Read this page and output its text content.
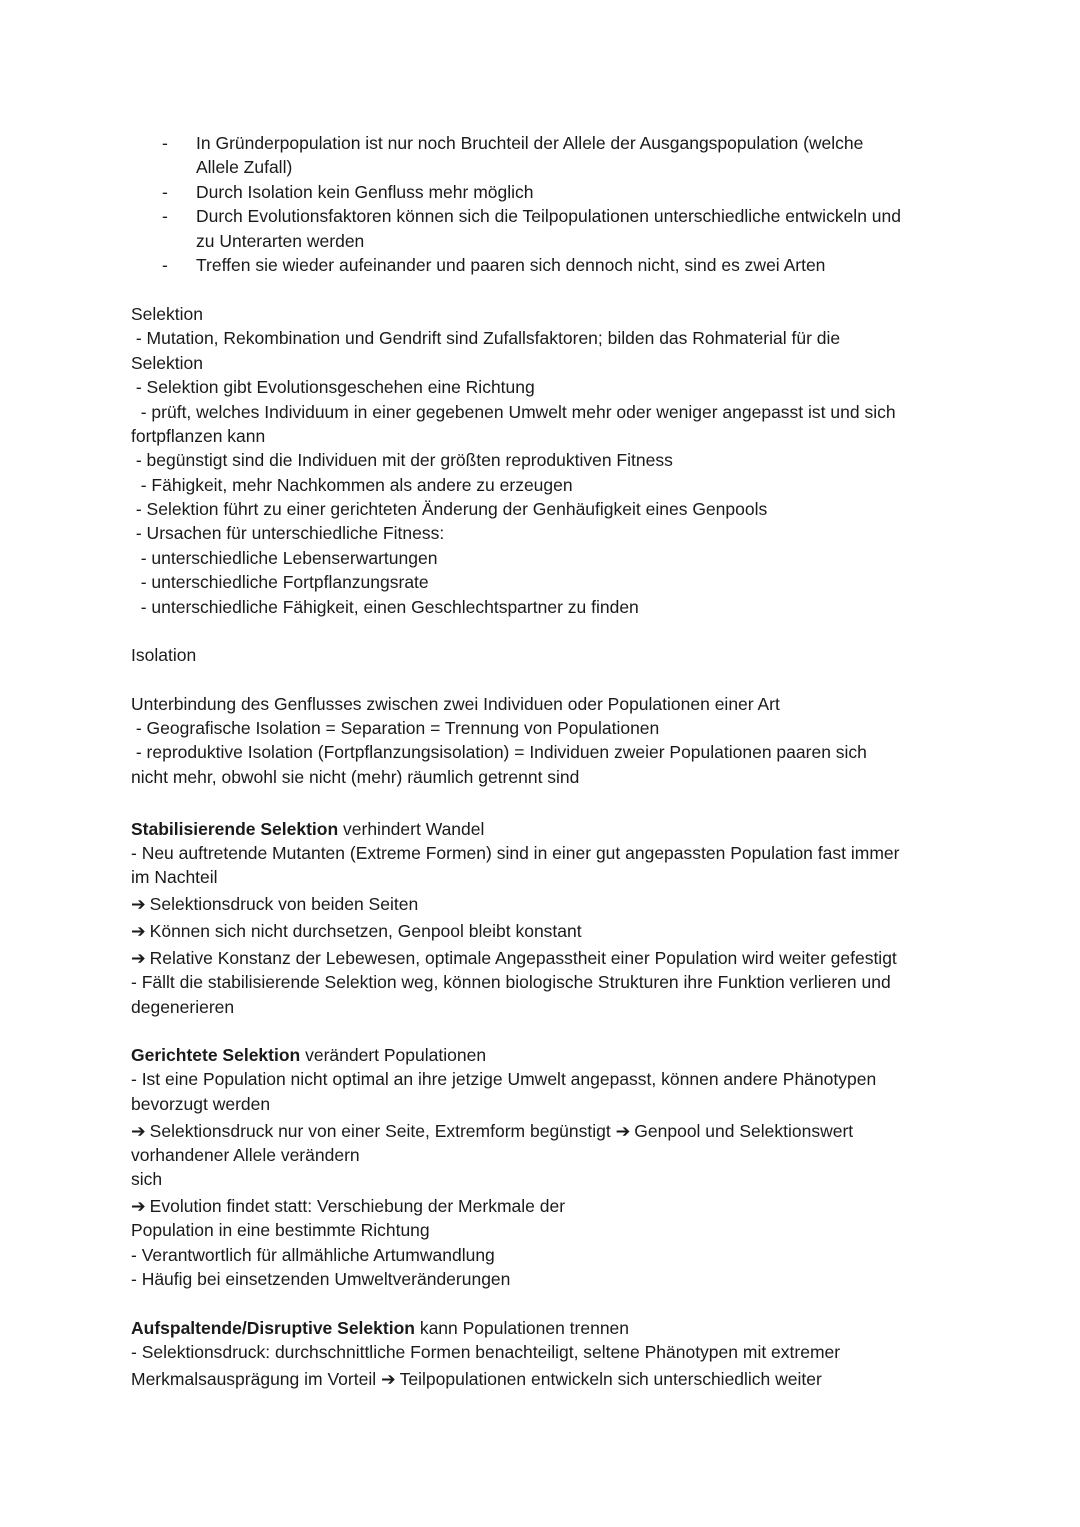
- In Gründerpopulation ist nur noch Bruchteil der Allele der Ausgangspopulation (welche

Allele Zufall)

- Durch Isolation kein Genfluss mehr möglich

- Durch Evolutionsfaktoren können sich die Teilpopulationen unterschiedliche entwickeln und

zu Unterarten werden

- Treffen sie wieder aufeinander und paaren sich dennoch nicht, sind es zwei Arten

Selektion

- Mutation, Rekombination und Gendrift sind Zufallsfaktoren; bilden das Rohmaterial für die

Selektion

- Selektion gibt Evolutionsgeschehen eine Richtung

- prüft, welches Individuum in einer gegebenen Umwelt mehr oder weniger angepasst ist und sich

fortpflanzen kann

- begünstigt sind die Individuen mit der größten reproduktiven Fitness

- Fähigkeit, mehr Nachkommen als andere zu erzeugen

- Selektion führt zu einer gerichteten Änderung der Genhäufigkeit eines Genpools

- Ursachen für unterschiedliche Fitness:

- unterschiedliche Lebenserwartungen

- unterschiedliche Fortpflanzungsrate

- unterschiedliche Fähigkeit, einen Geschlechtspartner zu finden

Isolation

Unterbindung des Genflusses zwischen zwei Individuen oder Populationen einer Art

- Geografische Isolation = Separation = Trennung von Populationen

- reproduktive Isolation (Fortpflanzungsisolation) = Individuen zweier Populationen paaren sich

nicht mehr, obwohl sie nicht (mehr) räumlich getrennt sind

Stabilisierende Selektion verhindert Wandel

- Neu auftretende Mutanten (Extreme Formen) sind in einer gut angepassten Population fast immer

im Nachteil

➔ Selektionsdruck von beiden Seiten

➔ Können sich nicht durchsetzen, Genpool bleibt konstant

➔ Relative Konstanz der Lebewesen, optimale Angepasstheit einer Population wird weiter gefestigt

- Fällt die stabilisierende Selektion weg, können biologische Strukturen ihre Funktion verlieren und

degenerieren

Gerichtete Selektion verändert Populationen

- Ist eine Population nicht optimal an ihre jetzige Umwelt angepasst, können andere Phänotypen

bevorzugt werden

➔ Selektionsdruck nur von einer Seite, Extremform begünstigt ➔ Genpool und Selektionswert

vorhandener Allele verändern

sich

➔ Evolution findet statt: Verschiebung der Merkmale der

Population in eine bestimmte Richtung

- Verantwortlich für allmähliche Artumwandlung

- Häufig bei einsetzenden Umweltveränderungen

Aufspaltende/Disruptive Selektion kann Populationen trennen

- Selektionsdruck: durchschnittliche Formen benachteiligt, seltene Phänotypen mit extremer

Merkmalsausprägung im Vorteil ➔ Teilpopulationen entwickeln sich unterschiedlich weiter
